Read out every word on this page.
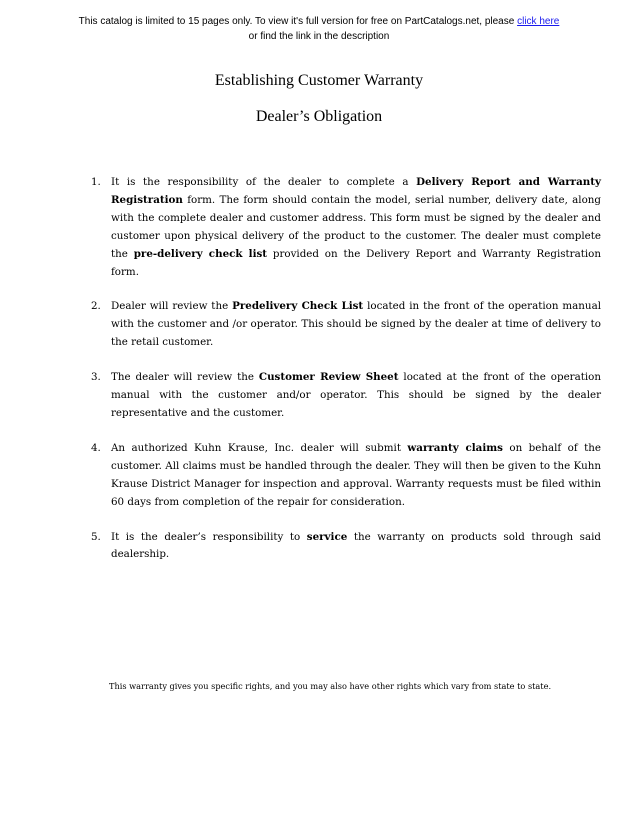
This catalog is limited to 15 pages only. To view it's full version for free on PartCatalogs.net, please click here
or find the link in the description
Establishing Customer Warranty
Dealer’s Obligation
1. It is the responsibility of the dealer to complete a Delivery Report and Warranty Registration form. The form should contain the model, serial number, delivery date, along with the complete dealer and customer address. This form must be signed by the dealer and customer upon physical delivery of the product to the customer. The dealer must complete the pre-delivery check list provided on the Delivery Report and Warranty Registration form.
2. Dealer will review the Predelivery Check List located in the front of the operation manual with the customer and /or operator. This should be signed by the dealer at time of delivery to the retail customer.
3. The dealer will review the Customer Review Sheet located at the front of the operation manual with the customer and/or operator. This should be signed by the dealer representative and the customer.
4. An authorized Kuhn Krause, Inc. dealer will submit warranty claims on behalf of the customer. All claims must be handled through the dealer. They will then be given to the Kuhn Krause District Manager for inspection and approval. Warranty requests must be filed within 60 days from completion of the repair for consideration.
5. It is the dealer’s responsibility to service the warranty on products sold through said dealership.
This warranty gives you specific rights, and you may also have other rights which vary from state to state.
